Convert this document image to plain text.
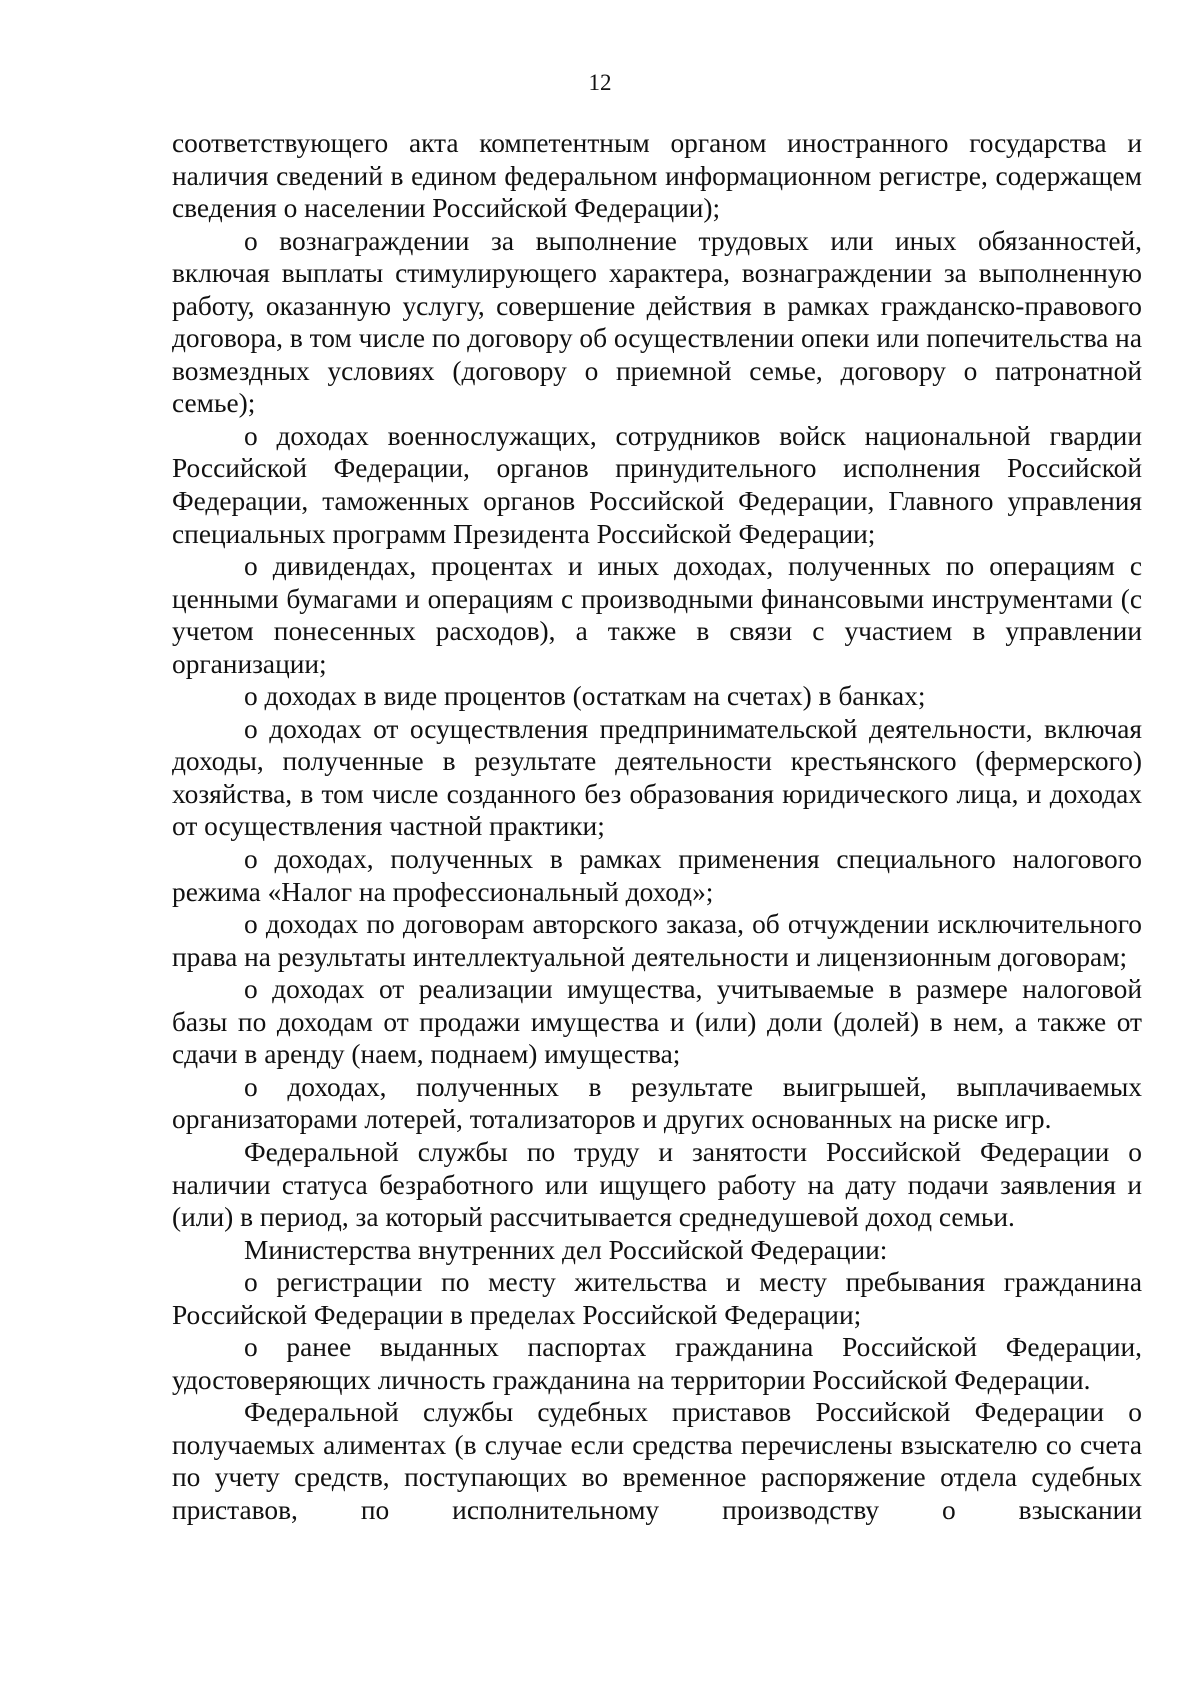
12

соответствующего акта компетентным органом иностранного государства и наличия сведений в едином федеральном информационном регистре, содержащем сведения о населении Российской Федерации);

о вознаграждении за выполнение трудовых или иных обязанностей, включая выплаты стимулирующего характера, вознаграждении за выполненную работу, оказанную услугу, совершение действия в рамках гражданско-правового договора, в том числе по договору об осуществлении опеки или попечительства на возмездных условиях (договору о приемной семье, договору о патронатной семье);

о доходах военнослужащих, сотрудников войск национальной гвардии Российской Федерации, органов принудительного исполнения Российской Федерации, таможенных органов Российской Федерации, Главного управления специальных программ Президента Российской Федерации;

о дивидендах, процентах и иных доходах, полученных по операциям с ценными бумагами и операциям с производными финансовыми инструментами (с учетом понесенных расходов), а также в связи с участием в управлении организации;

о доходах в виде процентов (остаткам на счетах) в банках;

о доходах от осуществления предпринимательской деятельности, включая доходы, полученные в результате деятельности крестьянского (фермерского) хозяйства, в том числе созданного без образования юридического лица, и доходах от осуществления частной практики;

о доходах, полученных в рамках применения специального налогового режима «Налог на профессиональный доход»;

о доходах по договорам авторского заказа, об отчуждении исключительного права на результаты интеллектуальной деятельности и лицензионным договорам;

о доходах от реализации имущества, учитываемые в размере налоговой базы по доходам от продажи имущества и (или) доли (долей) в нем, а также от сдачи в аренду (наем, поднаем) имущества;

о доходах, полученных в результате выигрышей, выплачиваемых организаторами лотерей, тотализаторов и других основанных на риске игр.

Федеральной службы по труду и занятости Российской Федерации о наличии статуса безработного или ищущего работу на дату подачи заявления и (или) в период, за который рассчитывается среднедушевой доход семьи.

Министерства внутренних дел Российской Федерации:

о регистрации по месту жительства и месту пребывания гражданина Российской Федерации в пределах Российской Федерации;

о ранее выданных паспортах гражданина Российской Федерации, удостоверяющих личность гражданина на территории Российской Федерации.

Федеральной службы судебных приставов Российской Федерации о получаемых алиментах (в случае если средства перечислены взыскателю со счета по учету средств, поступающих во временное распоряжение отдела судебных приставов, по исполнительному производству о взыскании
